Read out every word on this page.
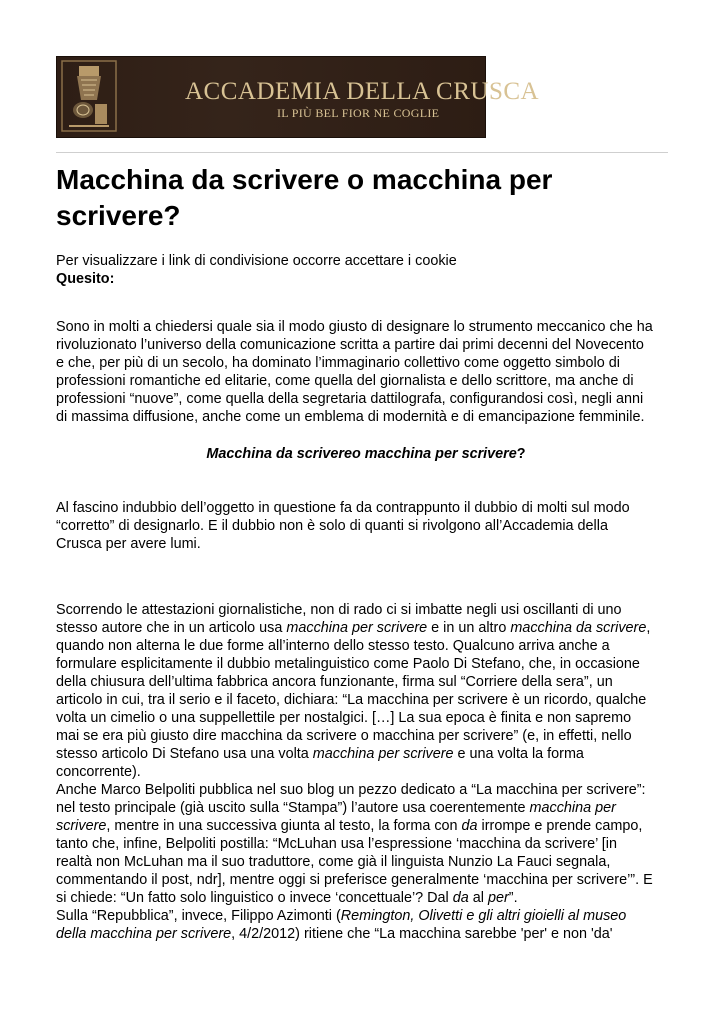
ACCADEMIA DELLA CRUSCA

IL PIÙ BEL FIOR NE COGLIE

Macchina da scrivere o macchina per
scrivere?

Per visualizzare i link di condivisione occorre accettare i cookie

Quesito:

Sono in molti a chiedersi quale sia il modo giusto di designare lo strumento meccanico che ha
rivoluzionato l’universo della comunicazione scritta a partire dai primi decenni del Novecento
e che, per più di un secolo, ha dominato l’immaginario collettivo come oggetto simbolo di
professioni romantiche ed elitarie, come quella del giornalista e dello scrittore, ma anche di
professioni “nuove”, come quella della segretaria dattilografa, configurandosi così, negli anni
di massima diffusione, anche come un emblema di modernità e di emancipazione femminile.

Macchina da scrivereo macchina per scrivere?

Al fascino indubbio dell’oggetto in questione fa da contrappunto il dubbio di molti sul modo
“corretto” di designarlo. E il dubbio non è solo di quanti si rivolgono all’Accademia della
Crusca per avere lumi.

Scorrendo le attestazioni giornalistiche, non di rado ci si imbatte negli usi oscillanti di uno
stesso autore che in un articolo usa macchina per scrivere e in un altro macchina da scrivere,
quando non alterna le due forme all’interno dello stesso testo. Qualcuno arriva anche a
formulare esplicitamente il dubbio metalinguistico come Paolo Di Stefano, che, in occasione
della chiusura dell’ultima fabbrica ancora funzionante, firma sul “Corriere della sera”, un
articolo in cui, tra il serio e il faceto, dichiara: “La macchina per scrivere è un ricordo, qualche
volta un cimelio o una suppellettile per nostalgici. […] La sua epoca è finita e non sapremo
mai se era più giusto dire macchina da scrivere o macchina per scrivere” (e, in effetti, nello
stesso articolo Di Stefano usa una volta macchina per scrivere e una volta la forma
concorrente).

Anche Marco Belpoliti pubblica nel suo blog un pezzo dedicato a “La macchina per scrivere”:
nel testo principale (già uscito sulla “Stampa”) l’autore usa coerentemente macchina per
scrivere, mentre in una successiva giunta al testo, la forma con da irrompe e prende campo,
tanto che, infine, Belpoliti postilla: “McLuhan usa l’espressione ‘macchina da scrivere’ [in
realtà non McLuhan ma il suo traduttore, come già il linguista Nunzio La Fauci segnala,
commentando il post, ndr], mentre oggi si preferisce generalmente ‘macchina per scrivere’”. E
si chiede: “Un fatto solo linguistico o invece ‘concettuale’? Dal da al per”.

Sulla “Repubblica”, invece, Filippo Azimonti (Remington, Olivetti e gli altri gioielli al museo
della macchina per scrivere, 4/2/2012) ritiene che “La macchina sarebbe 'per' e non 'da'
